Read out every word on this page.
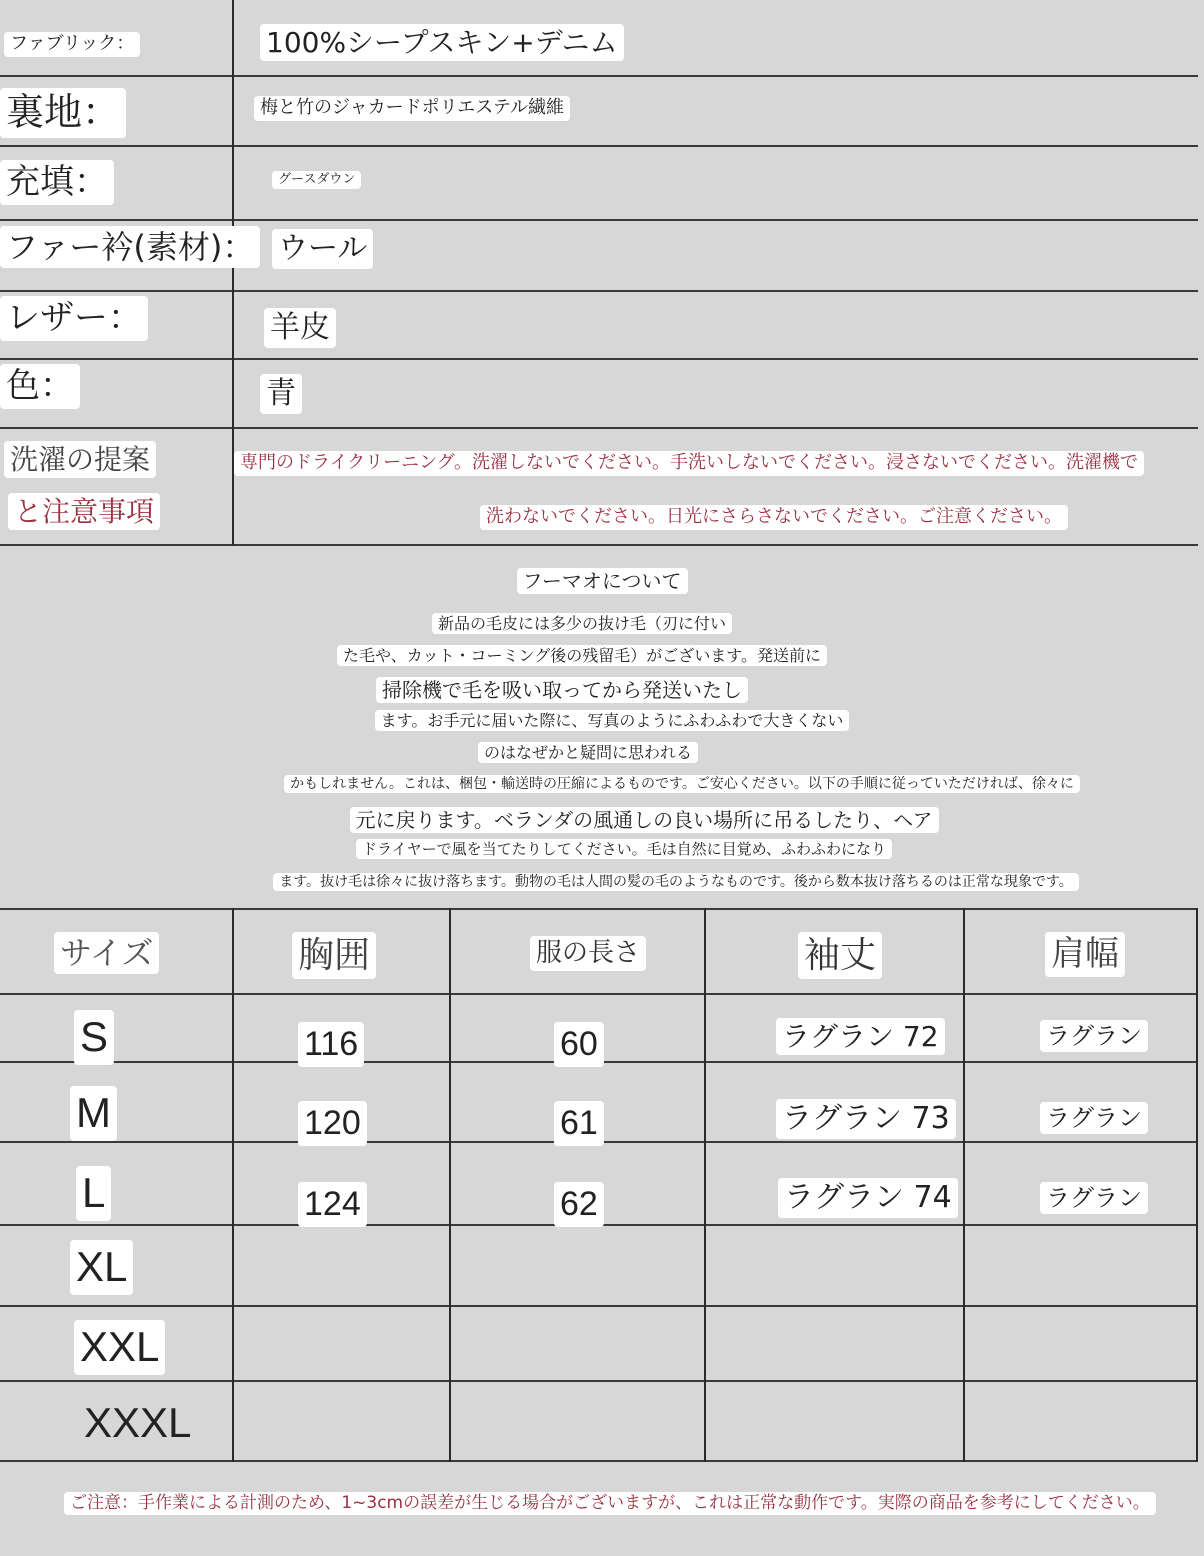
ファブリック：	100%シープスキン+デニム
裏地：	梅と竹のジャカードポリエステル繊維
充填：	グースダウン
ファー衿(素材)： ウール
レザー：	羊皮
色：	青
洗濯の提案
と注意事項
専門のドライクリーニング。洗濯しないでください。手洗いしないでください。浸さないでください。洗濯機で
洗わないでください。日光にさらさないでください。ご注意ください。
フーマオについて
新品の毛皮には多少の抜け毛（刃に付い
た毛や、カット・コーミング後の残留毛）がございます。発送前に
掃除機で毛を吸い取ってから発送いたし
ます。お手元に届いた際に、写真のようにふわふわで大きくない
のはなぜかと疑問に思われる
かもしれません。これは、梱包・輸送時の圧縮によるものです。ご安心ください。以下の手順に従っていただければ、徐々に
元に戻ります。ベランダの風通しの良い場所に吊るしたり、ヘア
ドライヤーで風を当てたりしてください。毛は自然に目覚め、ふわふわになり
ます。抜け毛は徐々に抜け落ちます。動物の毛は人間の髪の毛のようなものです。後から数本抜け落ちるのは正常な現象です。
サイズ	胸囲	服の長さ	袖丈	肩幅
S	116	60	ラグラン 72	ラグラン
M	120	61	ラグラン 73	ラグラン
L	124	62	ラグラン 74	ラグラン
XL
XXL
XXXL
ご注意：手作業による計測のため、1~3cmの誤差が生じる場合がございますが、これは正常な動作です。実際の商品を参考にしてください。
